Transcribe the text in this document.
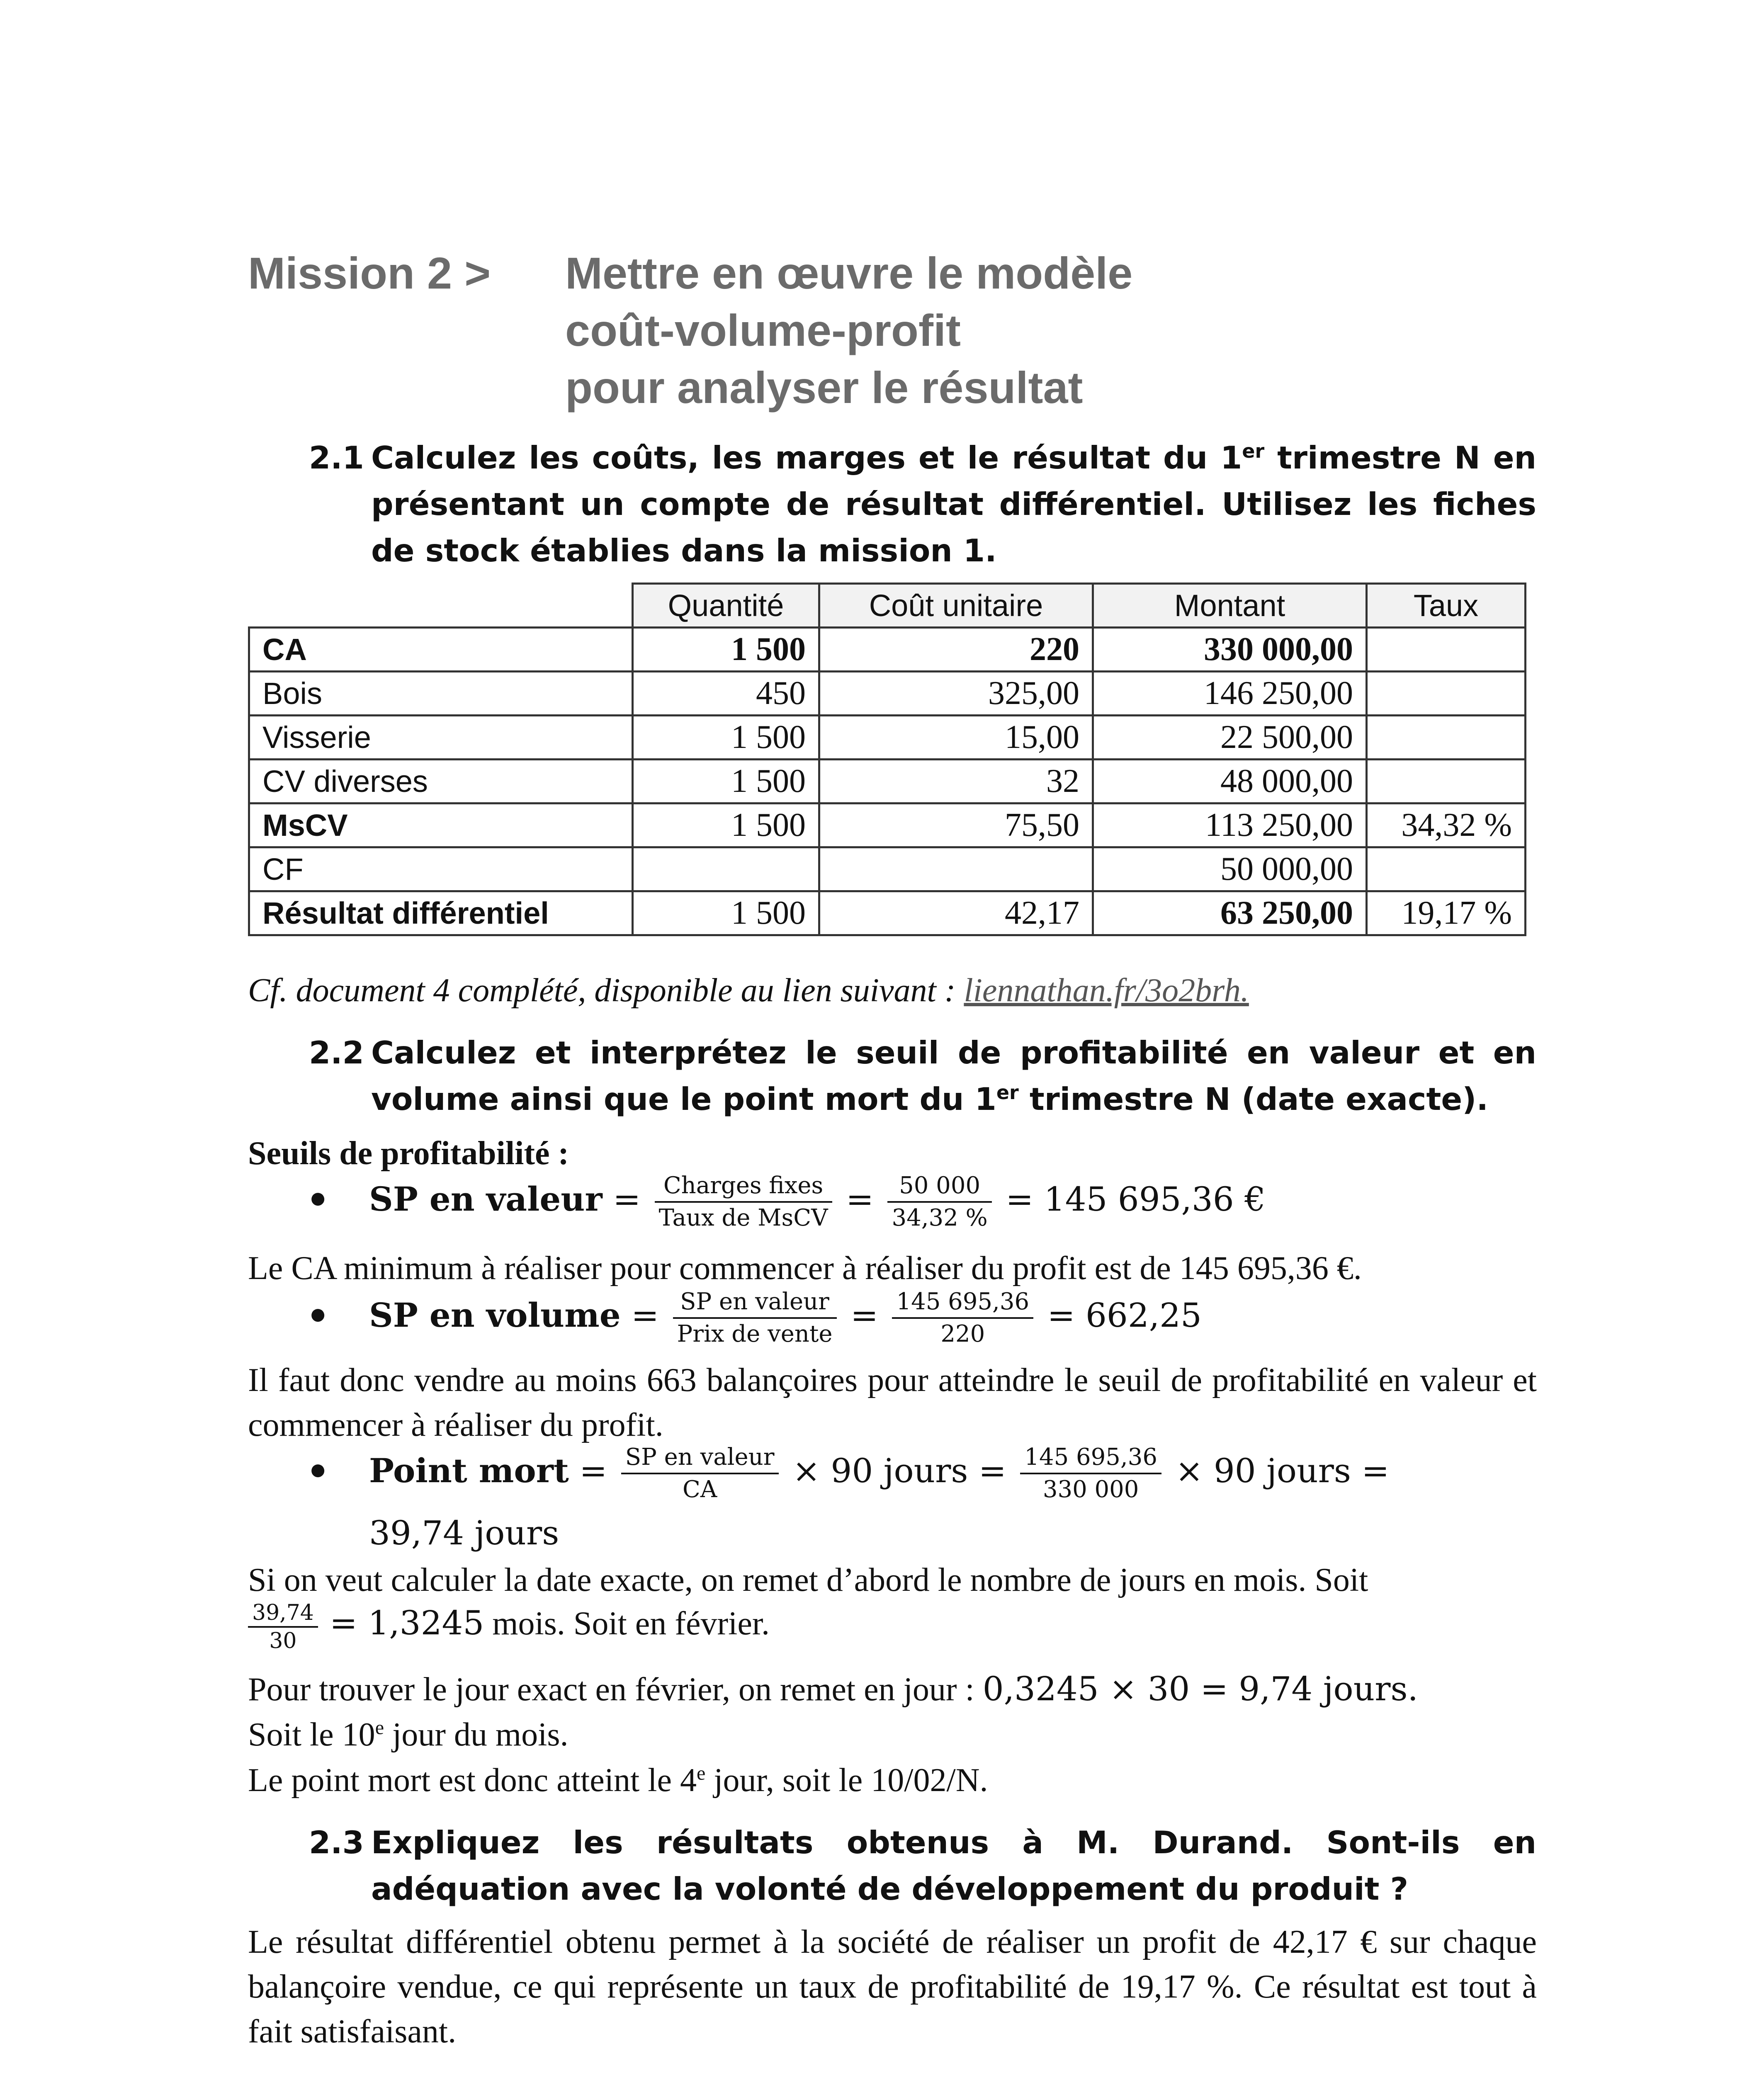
Mission 2 > Mettre en œuvre le modèle
coût-volume-profit
pour analyser le résultat
2.1 Calculez les coûts, les marges et le résultat du 1er trimestre N en présentant un compte de résultat différentiel. Utilisez les fiches de stock établies dans la mission 1.
	Quantité	Coût unitaire	Montant	Taux
CA	1 500	220	330 000,00	
Bois	450	325,00	146 250,00	
Visserie	1 500	15,00	22 500,00	
CV diverses	1 500	32	48 000,00	
MsCV	1 500	75,50	113 250,00	34,32 %
CF			50 000,00	
Résultat différentiel	1 500	42,17	63 250,00	19,17 %
Cf. document 4 complété, disponible au lien suivant : liennathan.fr/3o2brh.
2.2 Calculez et interprétez le seuil de profitabilité en valeur et en volume ainsi que le point mort du 1er trimestre N (date exacte).
Seuils de profitabilité :
● SP en valeur = $\frac{\text{Charges fixes}}{\text{Taux de MsCV}} = \frac{50 000}{34,32 \%} = 145$ 695,36 €
Le CA minimum à réaliser pour commencer à réaliser du profit est de 145 695,36 €.
● SP en volume = $\frac{\text{SP en valeur}}{\text{Prix de vente}} = \frac{145 695,36}{220} = 662,25$
Il faut donc vendre au moins 663 balançoires pour atteindre le seuil de profitabilité en valeur et commencer à réaliser du profit.
● Point mort = $\frac{\text{SP en valeur}}{CA} \times 90$ jours = $\frac{145 695,36}{330 000} \times 90$ jours =
39,74 jours
Si on veut calculer la date exacte, on remet d’abord le nombre de jours en mois. Soit
$\frac{39,74}{30} = 1,3245$ mois. Soit en février.
Pour trouver le jour exact en février, on remet en jour : 0,3245 × 30 = 9,74 jours.
Soit le 10e jour du mois.
Le point mort est donc atteint le 4e jour, soit le 10/02/N.
2.3 Expliquez les résultats obtenus à M. Durand. Sont-ils en adéquation avec la volonté de développement du produit ?
Le résultat différentiel obtenu permet à la société de réaliser un profit de 42,17 € sur chaque balançoire vendue, ce qui représente un taux de profitabilité de 19,17 %. Ce résultat est tout à fait satisfaisant.
